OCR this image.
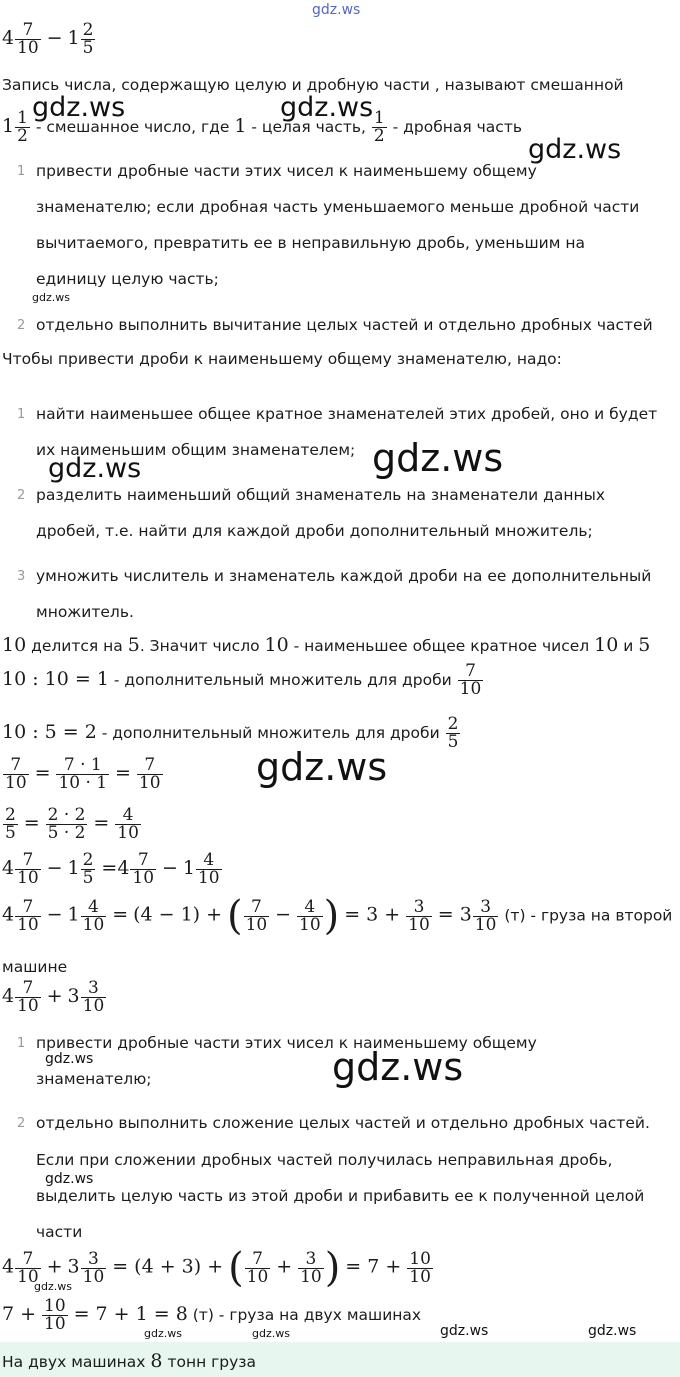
gdz.ws
$4 \frac{7}{10} - 1 \frac{2}{5}$
Запись числа, содержащую целую и дробную части , называют смешанной
$1 \frac{1}{2}$ - смешанное число, где 1 - целая часть, $\frac{1}{2}$ - дробная часть
1 привести дробные части этих чисел к наименьшему общему
знаменателю; если дробная часть уменьшаемого меньше дробной части
вычитаемого, превратить ее в неправильную дробь, уменьшим на
единицу целую часть;
2 отдельно выполнить вычитание целых частей и отдельно дробных частей
Чтобы привести дроби к наименьшему общему знаменателю, надо:
1 найти наименьшее общее кратное знаменателей этих дробей, оно и будет
их наименьшим общим знаменателем;
2 разделить наименьший общий знаменатель на знаменатели данных
дробей, т.е. найти для каждой дроби дополнительный множитель;
3 умножить числитель и знаменатель каждой дроби на ее дополнительный
множитель.
10 делится на 5. Значит число 10 - наименьшее общее кратное чисел 10 и 5
10 : 10 = 1 - дополнительный множитель для дроби $\frac{7}{10}$
10 : 5 = 2 - дополнительный множитель для дроби $\frac{2}{5}$
$\frac{7}{10} = \frac{7 \cdot 1}{10 \cdot 1} = \frac{7}{10}$
$\frac{2}{5} = \frac{2 \cdot 2}{5 \cdot 2} = \frac{4}{10}$
$4 \frac{7}{10} - 1 \frac{2}{5} =4 \frac{7}{10} - 1 \frac{4}{10}$
$4 \frac{7}{10} - 1 \frac{4}{10} = (4 - 1)$ + ( $\frac{7}{10} - \frac{4}{10}$ ) = $3 + \frac{3}{10} = 3 \frac{3}{10} (т)$ - груза на второй
машине
$4 \frac{7}{10} + 3 \frac{3}{10}$
1 привести дробные части этих чисел к наименьшему общему
знаменателю;
2 отдельно выполнить сложение целых частей и отдельно дробных частей.
Если при сложении дробных частей получилась неправильная дробь,
выделить целую часть из этой дроби и прибавить ее к полученной целой
части
$4 \frac{7}{10} + 3 \frac{3}{10} = (4 + 3)$ + ( $\frac{7}{10} + \frac{3}{10}$ ) = $7 + \frac{10}{10}$
$7 + \frac{10}{10} = 7 + 1 = 8$ (т) - груза на двух машинах
На двух машинах 8 тонн груза
gdz.ws	gdz.ws
gdz.ws
gdz.ws
gdz.ws	gdz.ws
gdz.ws
gdz.ws	gdz.ws
gdz.ws
gdz.ws
gdz.ws	gdz.ws	gdz.ws	gdz.ws
